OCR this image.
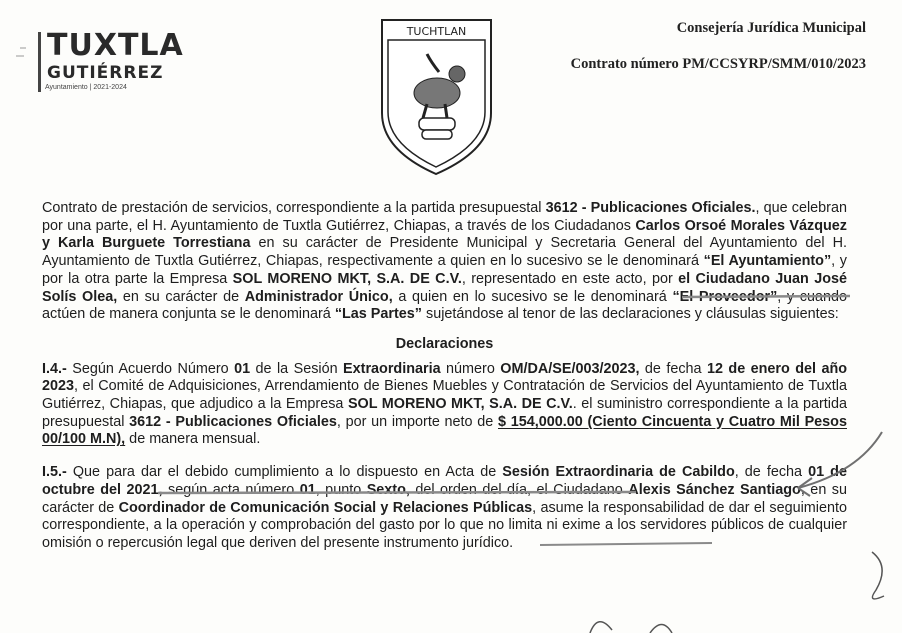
TUXTLA
GUTIÉRREZ
Ayuntamiento | 2021-2024
TUCHTLAN	Consejería Jurídica Municipal
Contrato número PM/CCSYRP/SMM/010/2023

Contrato de prestación de servicios, correspondiente a la partida presupuestal 3612 - Publicaciones Oficiales., que celebran por una parte, el H. Ayuntamiento de Tuxtla Gutiérrez, Chiapas, a través de los Ciudadanos Carlos Orsoé Morales Vázquez y Karla Burguete Torrestiana en su carácter de Presidente Municipal y Secretaria General del Ayuntamiento del H. Ayuntamiento de Tuxtla Gutiérrez, Chiapas, respectivamente a quien en lo sucesivo se le denominará “El Ayuntamiento”, y por la otra parte la Empresa SOL MORENO MKT, S.A. DE C.V., representado en este acto, por el Ciudadano Juan José Solís Olea, en su carácter de Administrador Único, a quien en lo sucesivo se le denominará “El Proveedor”, y cuando actúen de manera conjunta se le denominará “Las Partes” sujetándose al tenor de las declaraciones y cláusulas siguientes:

Declaraciones

I.4.- Según Acuerdo Número 01 de la Sesión Extraordinaria número OM/DA/SE/003/2023, de fecha 12 de enero del año 2023, el Comité de Adquisiciones, Arrendamiento de Bienes Muebles y Contratación de Servicios del Ayuntamiento de Tuxtla Gutiérrez, Chiapas, que adjudico a la Empresa SOL MORENO MKT, S.A. DE C.V.. el suministro correspondiente a la partida presupuestal 3612 - Publicaciones Oficiales, por un importe neto de $ 154,000.00 (Ciento Cincuenta y Cuatro Mil Pesos 00/100 M.N), de manera mensual.

I.5.- Que para dar el debido cumplimiento a lo dispuesto en Acta de Sesión Extraordinaria de Cabildo, de fecha 01 de octubre del 2021, según acta número 01, punto Sexto, del orden del día, el Ciudadano Alexis Sánchez Santiago, en su carácter de Coordinador de Comunicación Social y Relaciones Públicas, asume la responsabilidad de dar el seguimiento correspondiente, a la operación y comprobación del gasto por lo que no limita ni exime a los servidores públicos de cualquier omisión o repercusión legal que deriven del presente instrumento jurídico.
